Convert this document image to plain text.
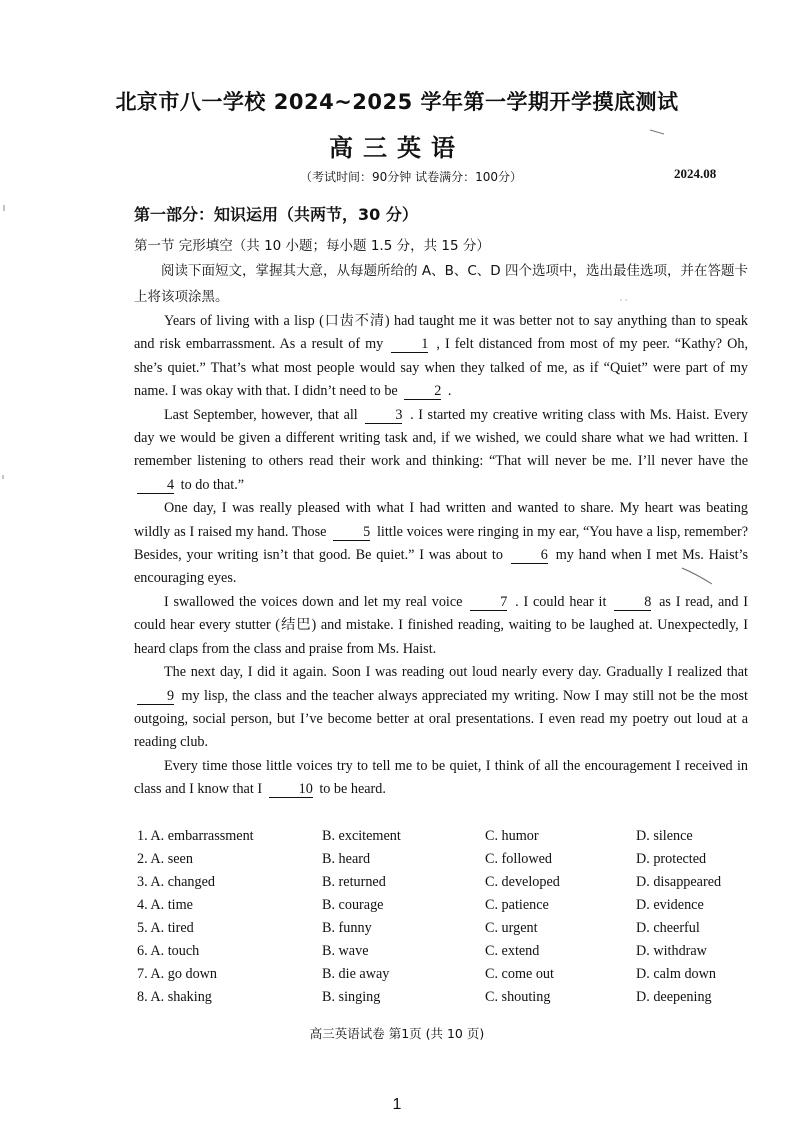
北京市八一学校 2024~2025 学年第一学期开学摸底测试
高三英语
（考试时间：90分钟 试卷满分：100分）	2024.08
第一部分：知识运用（共两节，30 分）
第一节 完形填空（共 10 小题；每小题 1.5 分，共 15 分）
阅读下面短文，掌握其大意，从每题所给的 A、B、C、D 四个选项中，选出最佳选项，并在答题卡上将该项涂黑。

Years of living with a lisp (口齿不清) had taught me it was better not to say anything than to speak and risk embarrassment. As a result of my	1 , I felt distanced from most of my peer. “Kathy? Oh, she’s quiet.” That’s what most people would say when they talked of me, as if “Quiet” were part of my name. I was okay with that. I didn’t need to be	2 .

Last September, however, that all	3 . I started my creative writing class with Ms. Haist. Every day we would be given a different writing task and, if we wished, we could share what we had written. I remember listening to others read their work and thinking: “That will never be me. I’ll never have the 4 to do that.”

One day, I was really pleased with what I had written and wanted to share. My heart was beating wildly as I raised my hand. Those	5 little voices were ringing in my ear, “You have a lisp, remember? Besides, your writing isn’t that good. Be quiet.” I was about to	6 my hand when I met Ms. Haist’s encouraging eyes.

I swallowed the voices down and let my real voice	7 . I could hear it	8 as I read, and I could hear every stutter (结巴) and mistake. I finished reading, waiting to be laughed at. Unexpectedly, I heard claps from the class and praise from Ms. Haist.

The next day, I did it again. Soon I was reading out loud nearly every day. Gradually I realized that 9 my lisp, the class and the teacher always appreciated my writing. Now I may still not be the most outgoing, social person, but I’ve become better at oral presentations. I even read my poetry out loud at a reading club.

Every time those little voices try to tell me to be quiet, I think of all the encouragement I received in class and I know that I	10 to be heard.

1. A. embarrassment	B. excitement	C. humor	D. silence
2. A. seen	B. heard	C. followed	D. protected
3. A. changed	B. returned	C. developed	D. disappeared
4. A. time	B. courage	C. patience	D. evidence
5. A. tired	B. funny	C. urgent	D. cheerful
6. A. touch	B. wave	C. extend	D. withdraw
7. A. go down	B. die away	C. come out	D. calm down
8. A. shaking	B. singing	C. shouting	D. deepening
高三英语试卷 第1页 (共 10 页)
1
